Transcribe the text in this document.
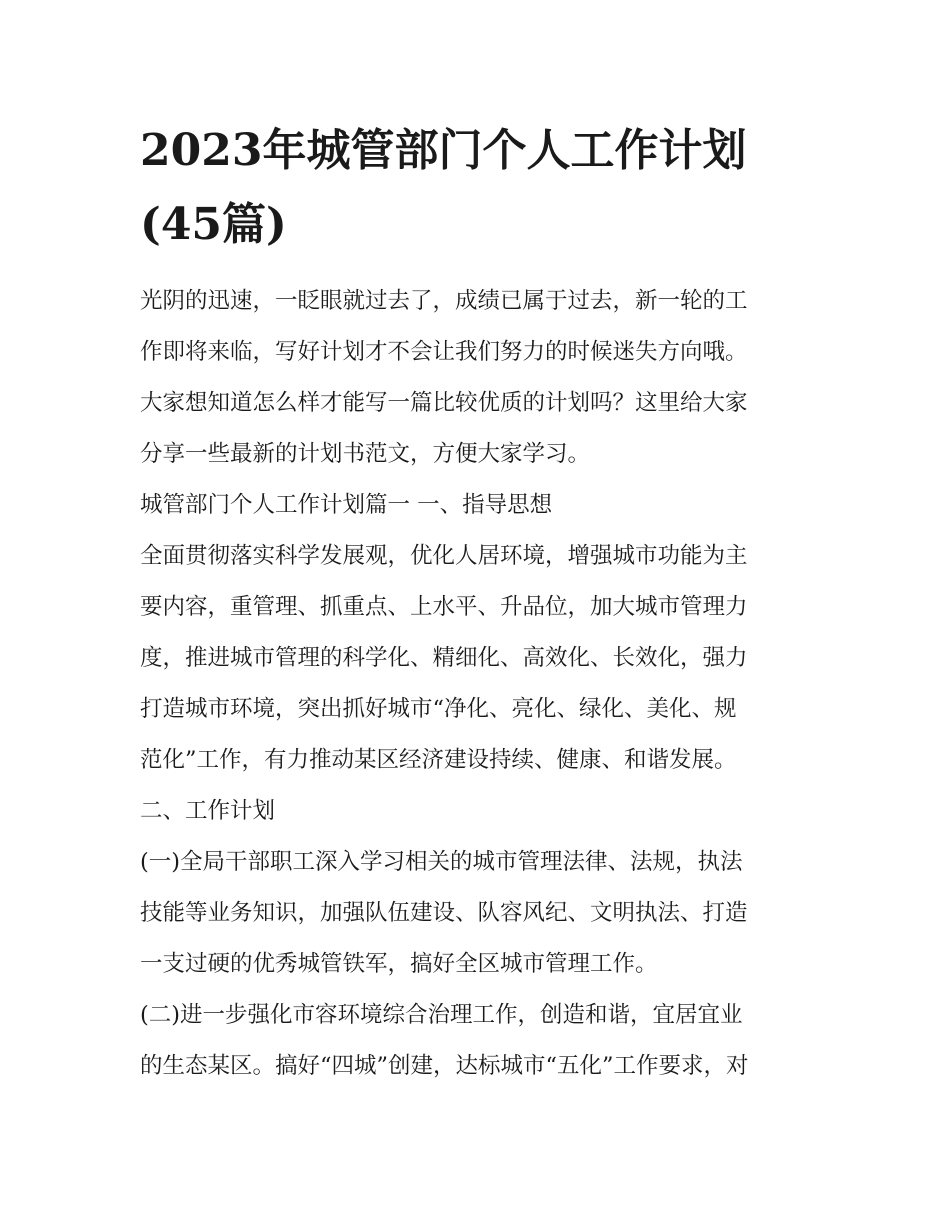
2023年城管部门个人工作计划
(45篇)
光阴的迅速，一眨眼就过去了，成绩已属于过去，新一轮的工
作即将来临，写好计划才不会让我们努力的时候迷失方向哦。
大家想知道怎么样才能写一篇比较优质的计划吗？这里给大家
分享一些最新的计划书范文，方便大家学习。
城管部门个人工作计划篇一 一、指导思想
全面贯彻落实科学发展观，优化人居环境，增强城市功能为主
要内容，重管理、抓重点、上水平、升品位，加大城市管理力
度，推进城市管理的科学化、精细化、高效化、长效化，强力
打造城市环境，突出抓好城市“净化、亮化、绿化、美化、规
范化”工作，有力推动某区经济建设持续、健康、和谐发展。
二、工作计划
(一)全局干部职工深入学习相关的城市管理法律、法规，执法
技能等业务知识，加强队伍建设、队容风纪、文明执法、打造
一支过硬的优秀城管铁军，搞好全区城市管理工作。
(二)进一步强化市容环境综合治理工作，创造和谐，宜居宜业
的生态某区。搞好“四城”创建，达标城市“五化”工作要求，对
